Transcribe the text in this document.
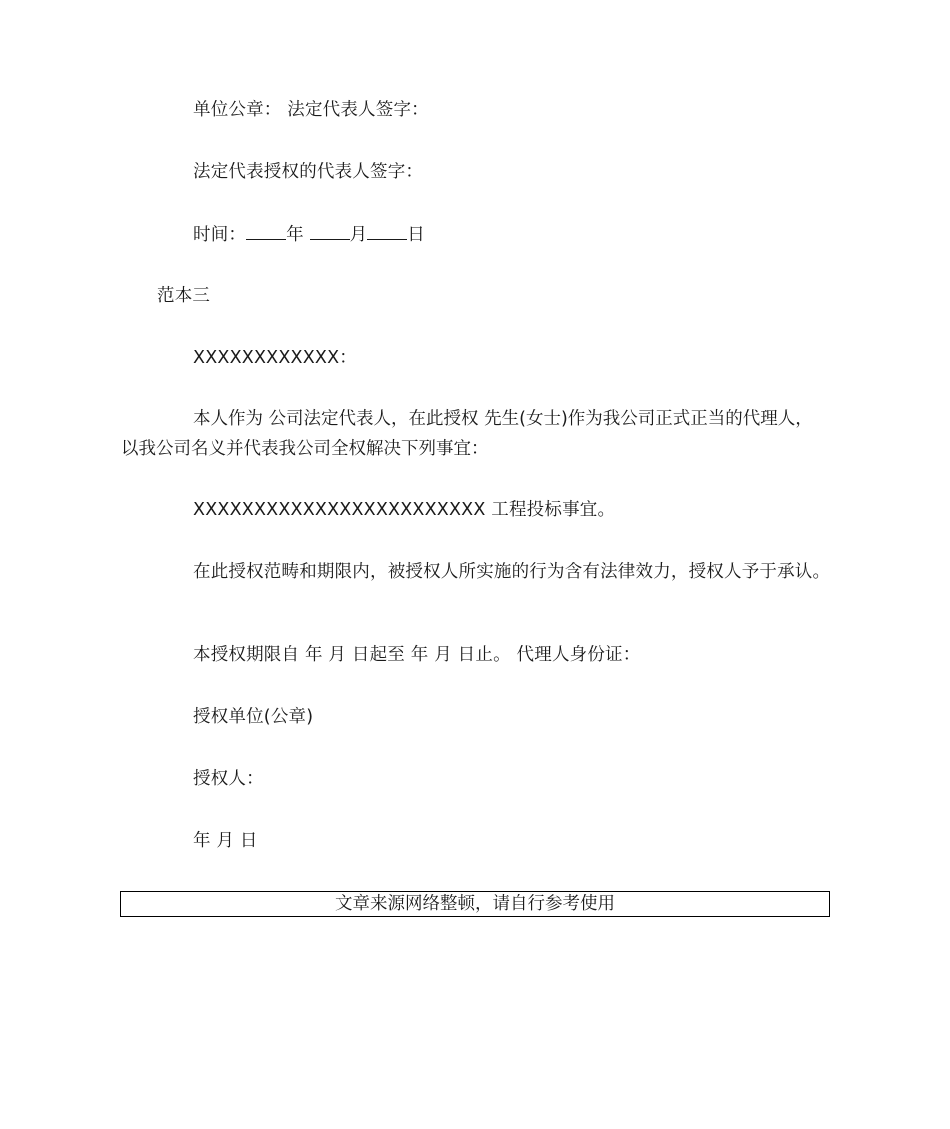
单位公章： 法定代表人签字：
法定代表授权的代表人签字：
时间： 年	月 日
范本三
XXXXXXXXXXXX：
本人作为 公司法定代表人，在此授权 先生(女士)作为我公司正式正当的代理人，
以我公司名义并代表我公司全权解决下列事宜：
XXXXXXXXXXXXXXXXXXXXXXXX 工程投标事宜。
在此授权范畴和期限内，被授权人所实施的行为含有法律效力，授权人予于承认。
本授权期限自 年 月 日起至 年 月 日止。 代理人身份证：
授权单位(公章)
授权人：
年 月 日
文章来源网络整顿，请自行参考使用
